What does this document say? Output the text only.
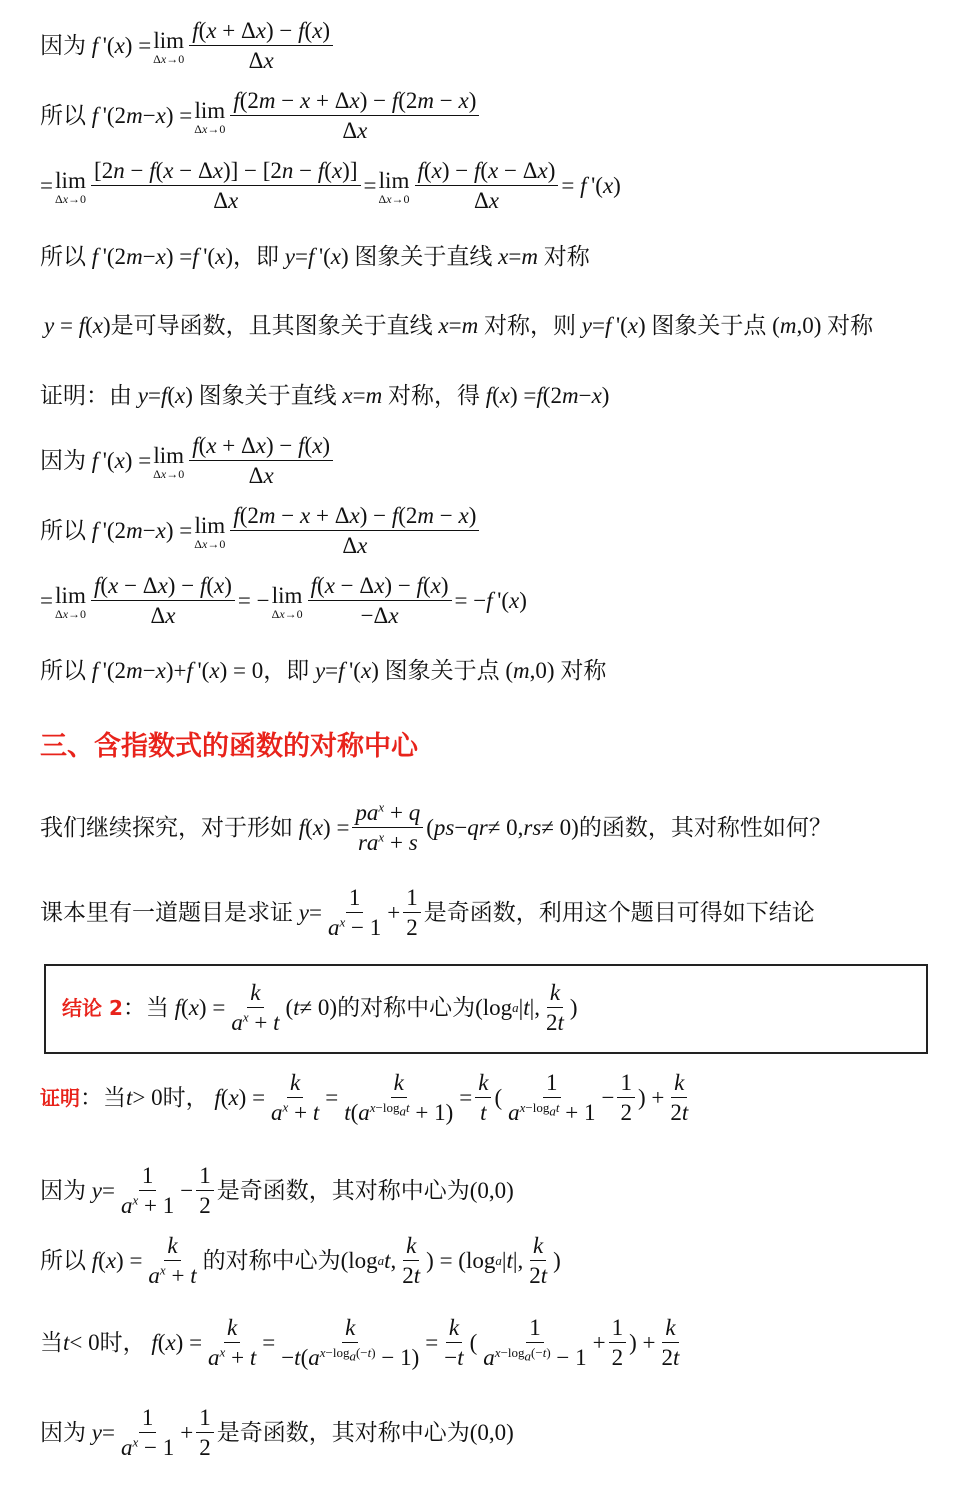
因为 f  '( x ) = lim
$\Delta x\to 0 \frac{f(x + \Delta x) - f(x)}{\Delta x}$
所以 f  '(2 m − x ) = lim
$\Delta x\to 0 \frac{f(2m - x + \Delta x) - f(2m - x)}{\Delta x}$
= lim
$\Delta x\to 0 \frac{[2n - f(x - \Delta x)] - [2n - f(x)]}{\Delta x} = \lim$
$\Delta x\to 0 \frac{f(x) - f(x - \Delta x)}{\Delta x} = f$  '( x )
所以 f  '(2 m − x ) = f  '( x ) ，即
y = f  '( x ) 图象关于直线
x = m
对称
y = f ( x ) 是可导函数，且其图象关于直线
x = m
对称，则
y = f  '( x ) 图象关于点 ( m ,0) 对称
证明：由
y = f ( x ) 图象关于直线
x = m
对称，得
f ( x ) = f (2 m − x )
因为 f  '( x ) = lim
$\Delta x\to 0 \frac{f(x + \Delta x) - f(x)}{\Delta x}$
所以 f  '(2 m − x ) = lim
$\Delta x\to 0 \frac{f(2m - x + \Delta x) - f(2m - x)}{\Delta x}$
= lim
$\Delta x\to 0 \frac{f(x - \Delta x) - f(x)}{\Delta x}$ = − lim
$\Delta x\to 0 \frac{f(x - \Delta x) - f(x)}{-\Delta x}$ = − f  '( x )
所以 f  '(2 m − x )+ f  '( x ) = 0 ，即
y = f  '( x ) 图象关于点 ( m ,0) 对称
三、含指数式的函数的对称中心
我们继续探究，对于形如
f ( x ) = $\frac{pa^x + q}{ra^x + s}$ ( ps − qr ≠ 0, rs ≠ 0) 的函数，其对称性如何？
课本里有一道题目是求证
$y = \frac{1}{a^x - 1} + \frac{1}{2}$ 是奇函数，利用这个题目可得如下结论
结论 2 ：当
f ( x ) = $\frac{k}{a^x + t}$ ( t ≠ 0) 的对称中心为 (log a | t |, $\frac{k}{2t}$ )
证明 ：当 t > 0 时，
f ( x ) = $\frac{k}{a^x + t} = \frac{k}{t(a^{x-log_at} + 1)} = \frac{k}{t}$ ( $\frac{1}{a^{x-log_at} + 1} - \frac{1}{2}$ ) + $\frac{k}{2t}$
因为
$y = \frac{1}{a^x + 1} - \frac{1}{2}$ 是奇函数，其对称中心为 (0,0)
所以
f ( x ) = $\frac{k}{a^x + t}$ 的对称中心为 (log a t , $\frac{k}{2t}$ ) = (log a | t |, $\frac{k}{2t}$ )
当 t < 0 时，
f ( x ) = $\frac{k}{a^x + t} = \frac{k}{-t(a^{x-log_a(-t)} - 1)} = \frac{k}{-t}$ ( $\frac{1}{a^{x-log_a(-t)} - 1} + \frac{1}{2}$ ) + $\frac{k}{2t}$
因为
$y = \frac{1}{a^x - 1} + \frac{1}{2}$ 是奇函数，其对称中心为 (0,0)
